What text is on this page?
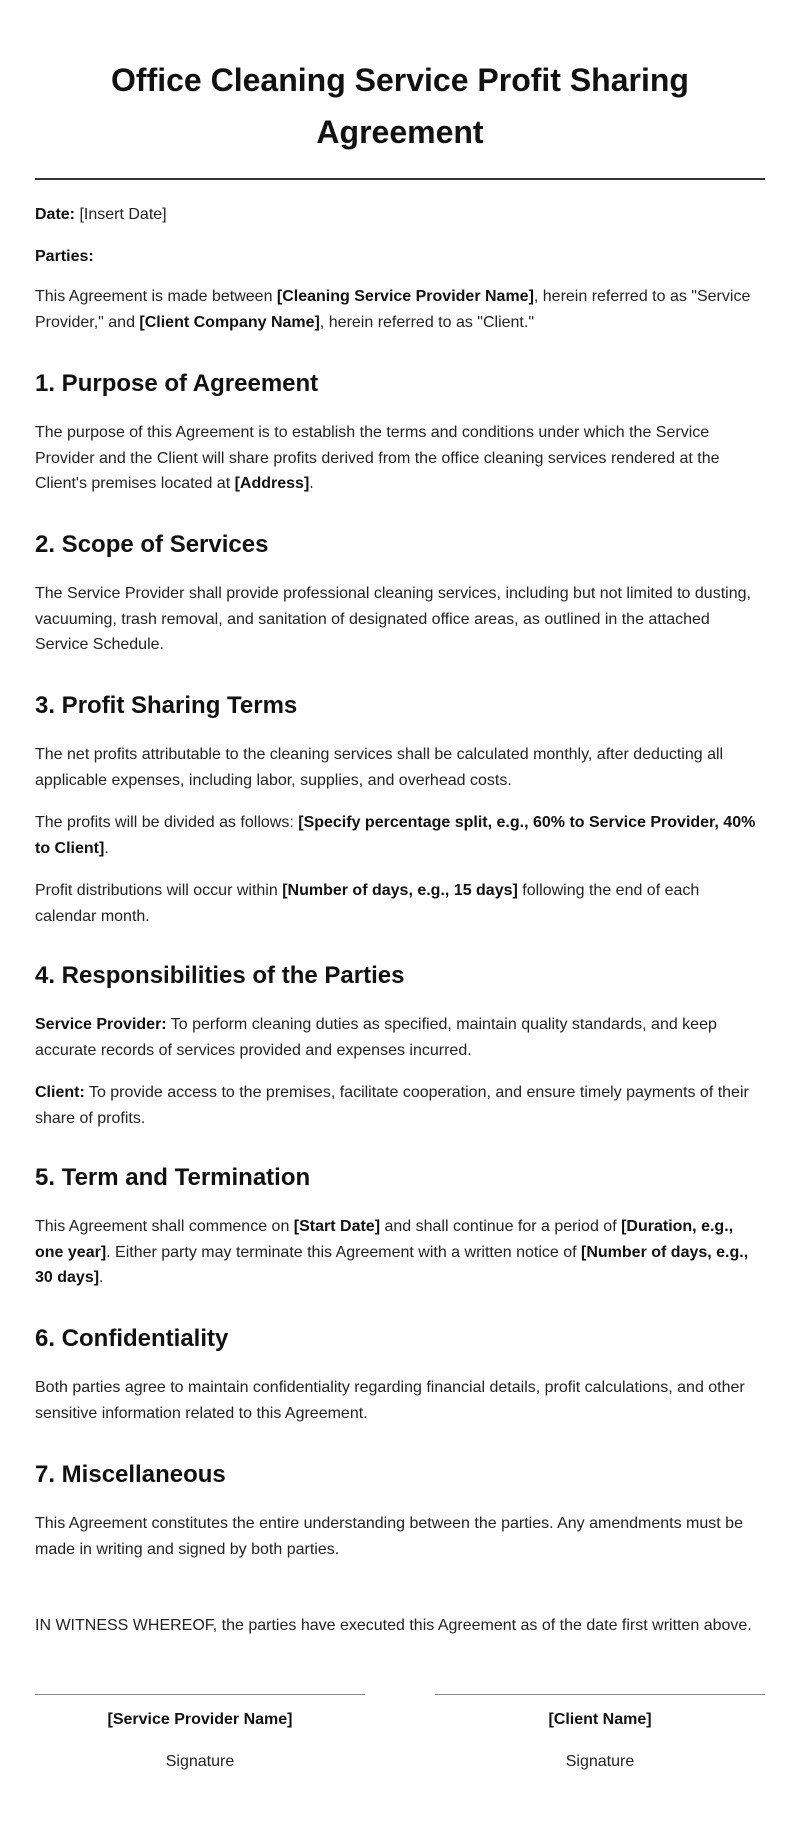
Office Cleaning Service Profit Sharing Agreement

Date: [Insert Date]

Parties:

This Agreement is made between [Cleaning Service Provider Name], herein referred to as "Service Provider," and [Client Company Name], herein referred to as "Client."

1. Purpose of Agreement

The purpose of this Agreement is to establish the terms and conditions under which the Service Provider and the Client will share profits derived from the office cleaning services rendered at the Client's premises located at [Address].

2. Scope of Services

The Service Provider shall provide professional cleaning services, including but not limited to dusting, vacuuming, trash removal, and sanitation of designated office areas, as outlined in the attached Service Schedule.

3. Profit Sharing Terms

The net profits attributable to the cleaning services shall be calculated monthly, after deducting all applicable expenses, including labor, supplies, and overhead costs.

The profits will be divided as follows: [Specify percentage split, e.g., 60% to Service Provider, 40% to Client].

Profit distributions will occur within [Number of days, e.g., 15 days] following the end of each calendar month.

4. Responsibilities of the Parties

Service Provider: To perform cleaning duties as specified, maintain quality standards, and keep accurate records of services provided and expenses incurred.

Client: To provide access to the premises, facilitate cooperation, and ensure timely payments of their share of profits.

5. Term and Termination

This Agreement shall commence on [Start Date] and shall continue for a period of [Duration, e.g., one year]. Either party may terminate this Agreement with a written notice of [Number of days, e.g., 30 days].

6. Confidentiality

Both parties agree to maintain confidentiality regarding financial details, profit calculations, and other sensitive information related to this Agreement.

7. Miscellaneous

This Agreement constitutes the entire understanding between the parties. Any amendments must be made in writing and signed by both parties.

IN WITNESS WHEREOF, the parties have executed this Agreement as of the date first written above.

[Service Provider Name]
Signature
[Client Name]
Signature
